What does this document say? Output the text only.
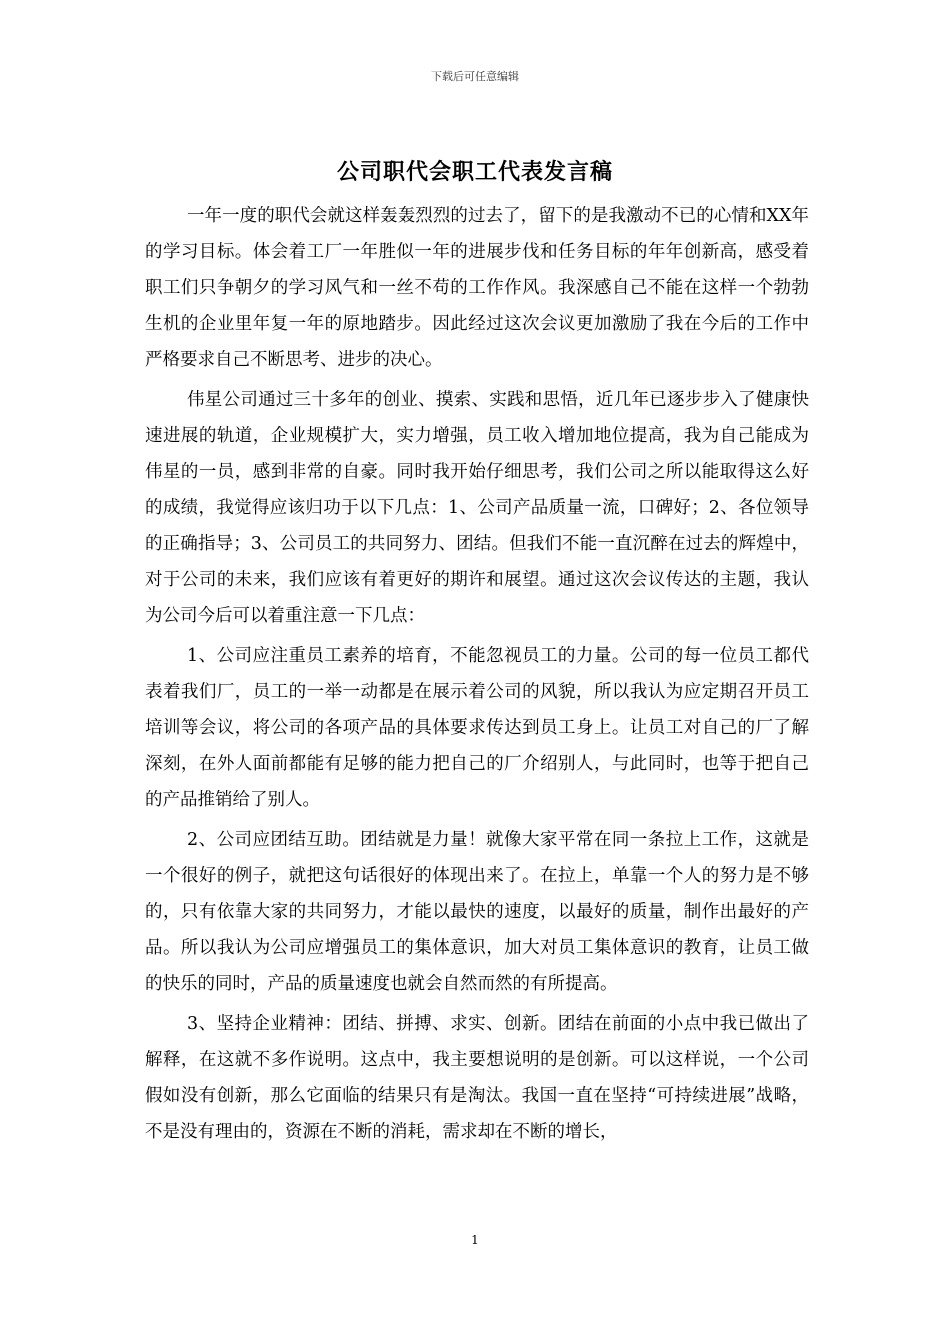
下载后可任意编辑
公司职代会职工代表发言稿

一年一度的职代会就这样轰轰烈烈的过去了，留下的是我激动不已的心情和XX年的学习目标。体会着工厂一年胜似一年的进展步伐和任务目标的年年创新高，感受着职工们只争朝夕的学习风气和一丝不苟的工作作风。我深感自己不能在这样一个勃勃生机的企业里年复一年的原地踏步。因此经过这次会议更加激励了我在今后的工作中严格要求自己不断思考、进步的决心。

伟星公司通过三十多年的创业、摸索、实践和思悟，近几年已逐步步入了健康快速进展的轨道，企业规模扩大，实力增强，员工收入增加地位提高，我为自己能成为伟星的一员，感到非常的自豪。同时我开始仔细思考，我们公司之所以能取得这么好的成绩，我觉得应该归功于以下几点：1、公司产品质量一流，口碑好；2、各位领导的正确指导；3、公司员工的共同努力、团结。但我们不能一直沉醉在过去的辉煌中，对于公司的未来，我们应该有着更好的期许和展望。通过这次会议传达的主题，我认为公司今后可以着重注意一下几点：

1、公司应注重员工素养的培育，不能忽视员工的力量。公司的每一位员工都代表着我们厂，员工的一举一动都是在展示着公司的风貌，所以我认为应定期召开员工培训等会议，将公司的各项产品的具体要求传达到员工身上。让员工对自己的厂了解深刻，在外人面前都能有足够的能力把自己的厂介绍别人，与此同时，也等于把自己的产品推销给了别人。

2、公司应团结互助。团结就是力量！就像大家平常在同一条拉上工作，这就是一个很好的例子，就把这句话很好的体现出来了。在拉上，单靠一个人的努力是不够的，只有依靠大家的共同努力，才能以最快的速度，以最好的质量，制作出最好的产品。所以我认为公司应增强员工的集体意识，加大对员工集体意识的教育，让员工做的快乐的同时，产品的质量速度也就会自然而然的有所提高。

3、坚持企业精神：团结、拼搏、求实、创新。团结在前面的小点中我已做出了解释，在这就不多作说明。这点中，我主要想说明的是创新。可以这样说，一个公司假如没有创新，那么它面临的结果只有是淘汰。我国一直在坚持“可持续进展”战略，不是没有理由的，资源在不断的消耗，需求却在不断的增长，

1
